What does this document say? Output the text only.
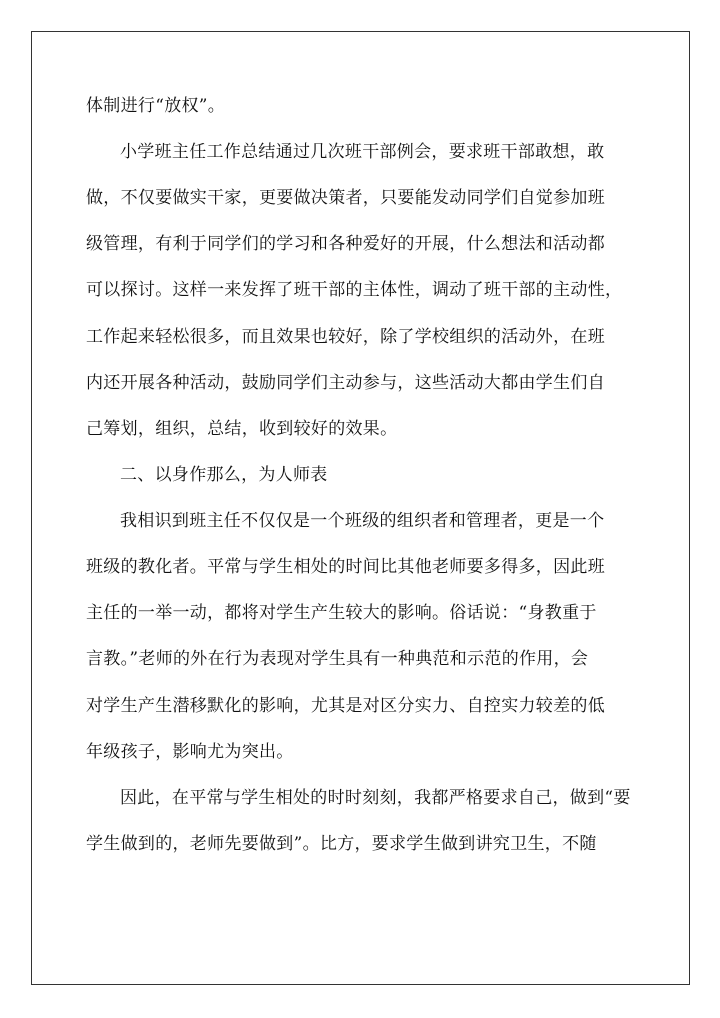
体制进行“放权”。
小学班主任工作总结通过几次班干部例会，要求班干部敢想，敢
做，不仅要做实干家，更要做决策者，只要能发动同学们自觉参加班
级管理，有利于同学们的学习和各种爱好的开展，什么想法和活动都
可以探讨。这样一来发挥了班干部的主体性，调动了班干部的主动性，
工作起来轻松很多，而且效果也较好，除了学校组织的活动外，在班
内还开展各种活动，鼓励同学们主动参与，这些活动大都由学生们自
己筹划，组织，总结，收到较好的效果。
二、以身作那么，为人师表
我相识到班主任不仅仅是一个班级的组织者和管理者，更是一个
班级的教化者。平常与学生相处的时间比其他老师要多得多，因此班
主任的一举一动，都将对学生产生较大的影响。俗话说：“身教重于
言教。”老师的外在行为表现对学生具有一种典范和示范的作用，会
对学生产生潜移默化的影响，尤其是对区分实力、自控实力较差的低
年级孩子，影响尤为突出。
因此，在平常与学生相处的时时刻刻，我都严格要求自己，做到“要
学生做到的，老师先要做到”。比方，要求学生做到讲究卫生，不随
